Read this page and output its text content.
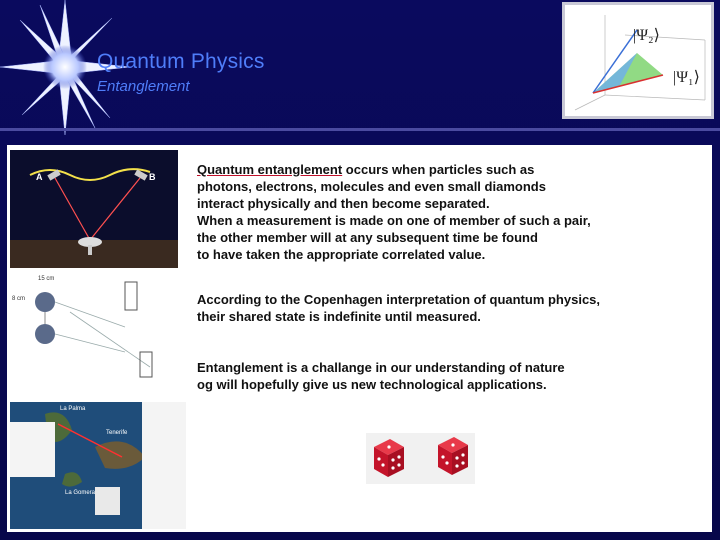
Quantum Physics
Entanglement
|Ψ₂⟩
|Ψ₁⟩
A	B
15 cm
8 cm
La Palma
Tenerife
La Gomera
Quantum entanglement occurs when particles such as
photons, electrons, molecules and even small diamonds
interact physically and then become separated.
When a measurement is made on one of member of such a pair,
the other member will at any subsequent time be found
to have taken the appropriate correlated value.
According to the Copenhagen interpretation of quantum physics,
their shared state is indefinite until measured.
Entanglement is a challange in our understanding of nature
og will hopefully give us new technological applications.
